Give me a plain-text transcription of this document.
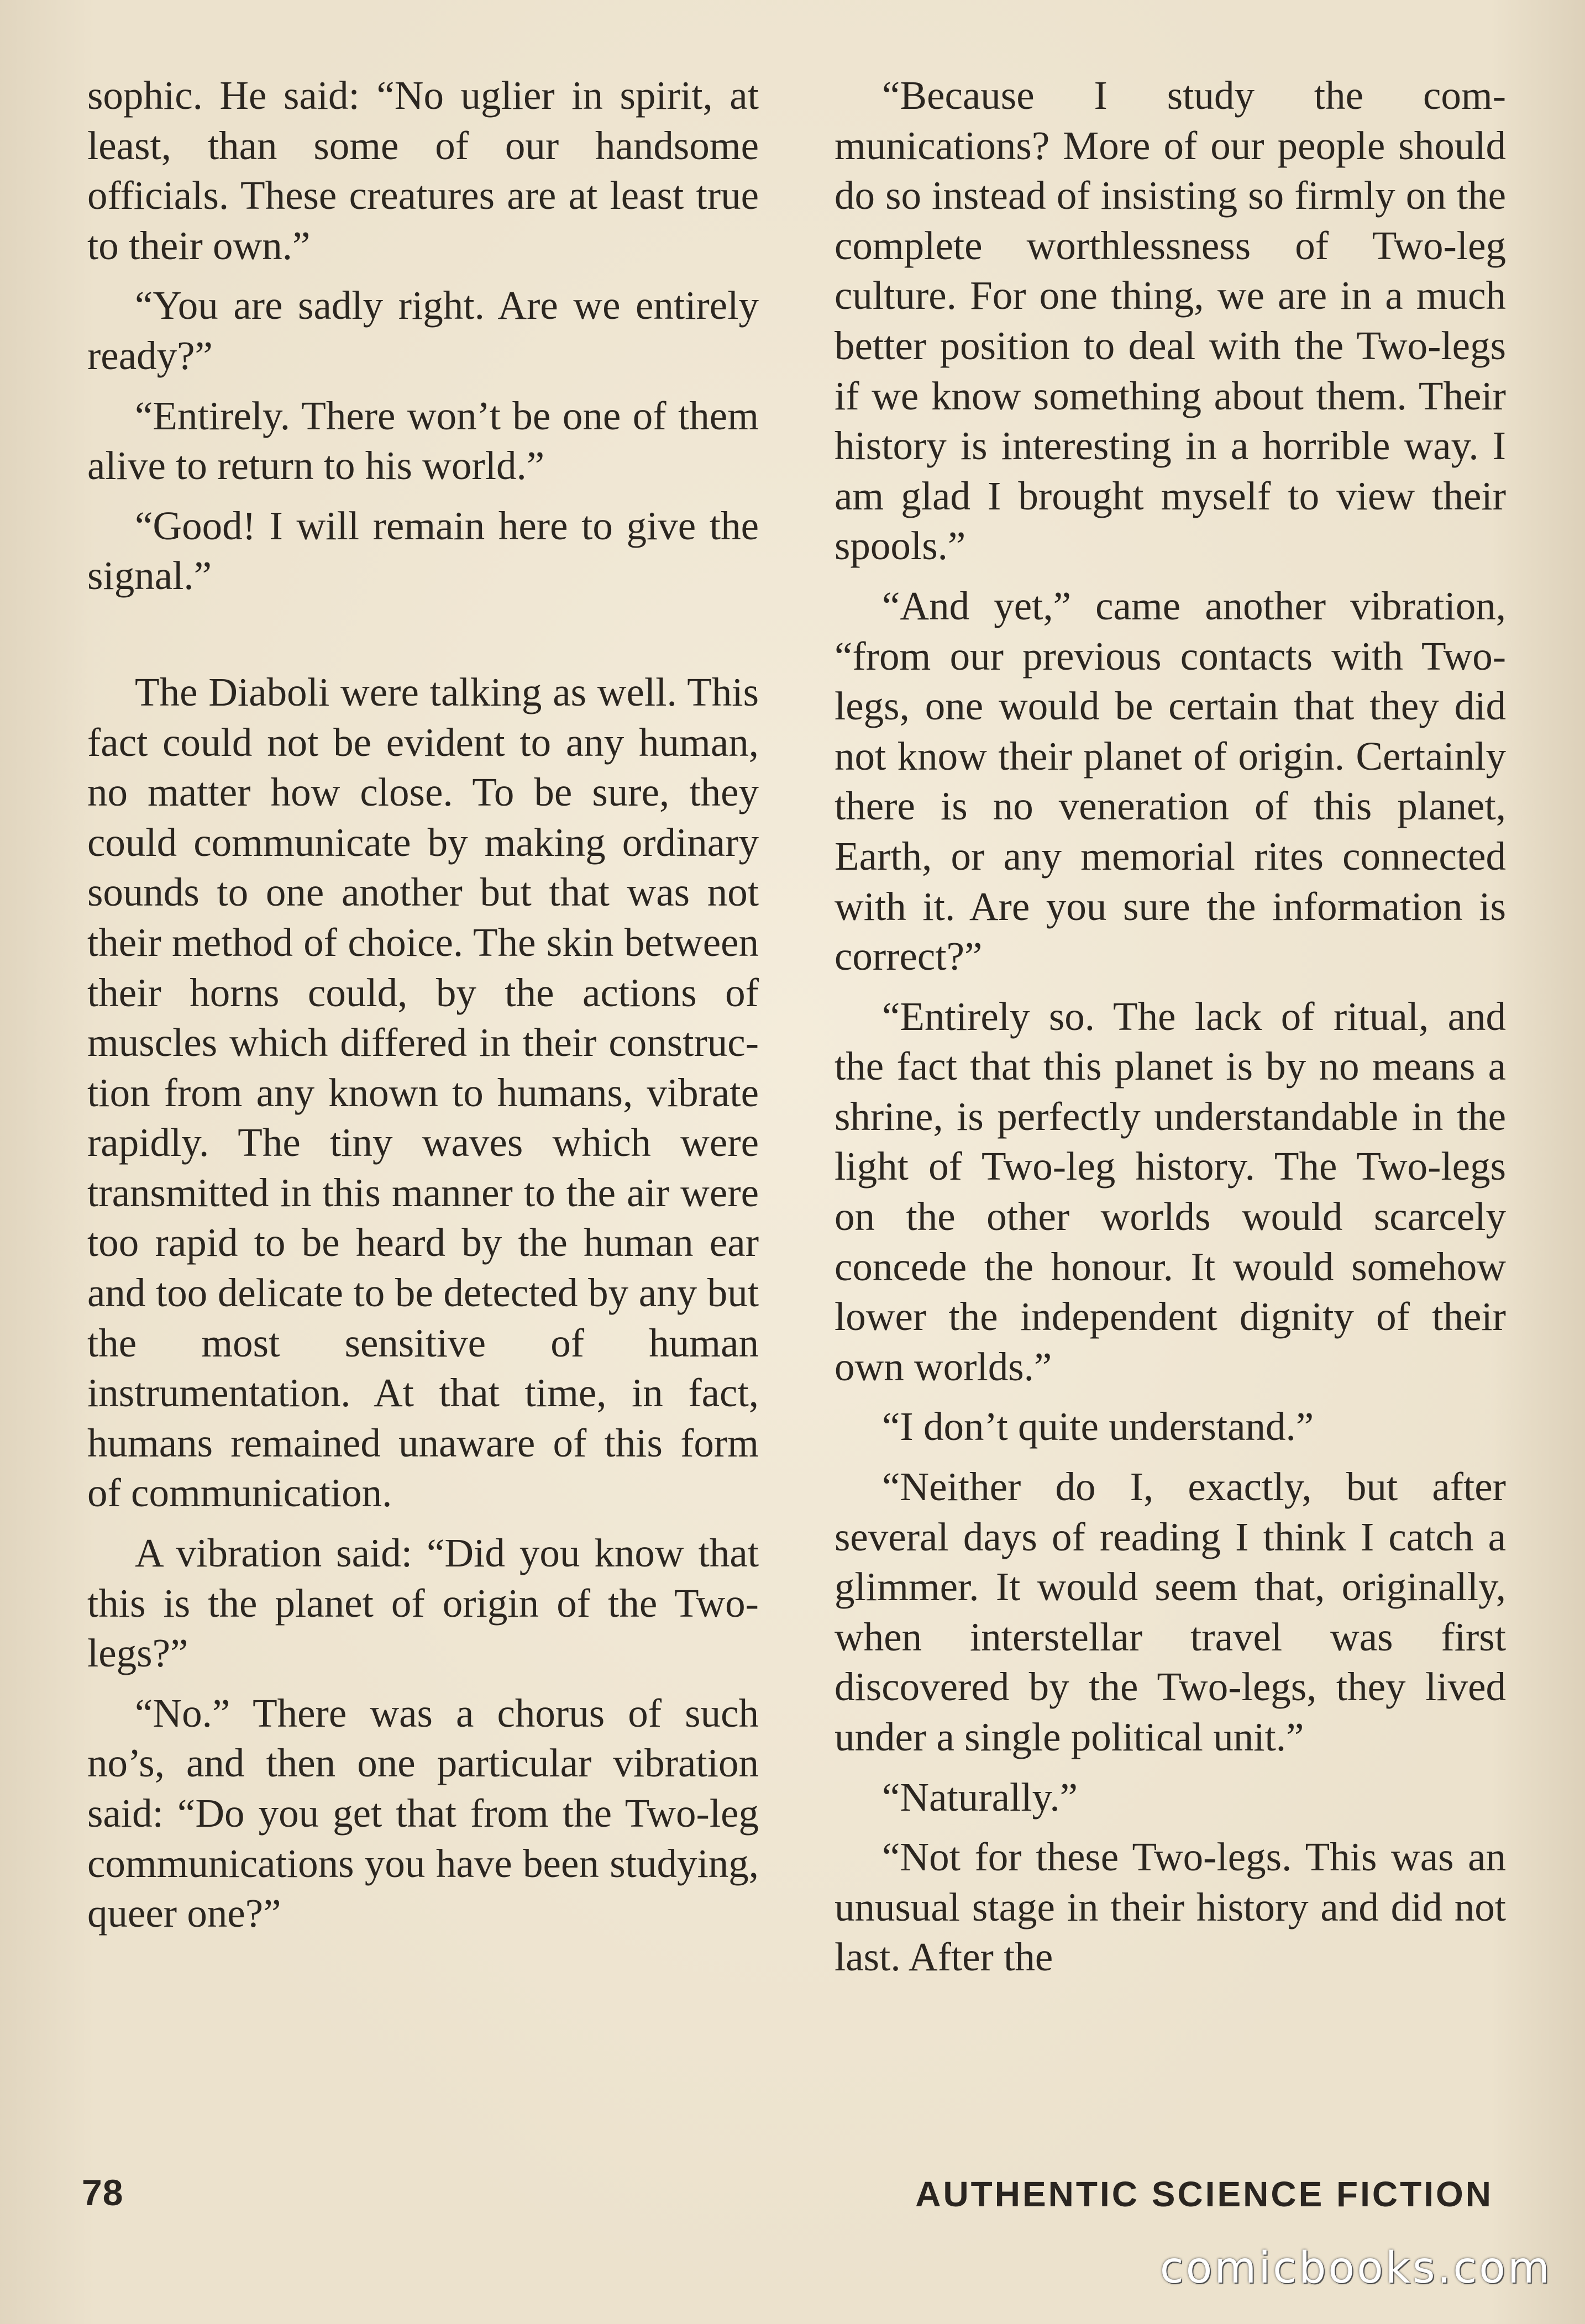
sophic. He said: “No uglier in spirit, at least, than some of our handsome officials. These creatures are at least true to their own.”

“You are sadly right. Are we entirely ready?”

“Entirely. There won’t be one of them alive to return to his world.”

“Good! I will remain here to give the signal.”

The Diaboli were talking as well. This fact could not be evident to any human, no matter how close. To be sure, they could communicate by making ordinary sounds to one another but that was not their method of choice. The skin between their horns could, by the actions of muscles which differed in their construction from any known to humans, vibrate rapidly. The tiny waves which were transmitted in this manner to the air were too rapid to be heard by the human ear and too delicate to be detected by any but the most sensitive of human instrumentation. At that time, in fact, humans remained unaware of this form of communication.

A vibration said: “Did you know that this is the planet of origin of the Two-legs?”

“No.” There was a chorus of such no’s, and then one particular vibration said: “Do you get that from the Two-leg communications you have been studying, queer one?”

“Because I study the communications? More of our people should do so instead of insisting so firmly on the complete worthlessness of Two-leg culture. For one thing, we are in a much better position to deal with the Two-legs if we know something about them. Their history is interesting in a horrible way. I am glad I brought myself to view their spools.”

“And yet,” came another vibration, “from our previous contacts with Two-legs, one would be certain that they did not know their planet of origin. Certainly there is no veneration of this planet, Earth, or any memorial rites connected with it. Are you sure the information is correct?”

“Entirely so. The lack of ritual, and the fact that this planet is by no means a shrine, is perfectly understandable in the light of Two-leg history. The Two-legs on the other worlds would scarcely concede the honour. It would somehow lower the independent dignity of their own worlds.”

“I don’t quite understand.”

“Neither do I, exactly, but after several days of reading I think I catch a glimmer. It would seem that, originally, when interstellar travel was first discovered by the Two-legs, they lived under a single political unit.”

“Naturally.”

“Not for these Two-legs. This was an unusual stage in their history and did not last. After the

78	AUTHENTIC SCIENCE FICTION
comicbooks.com
